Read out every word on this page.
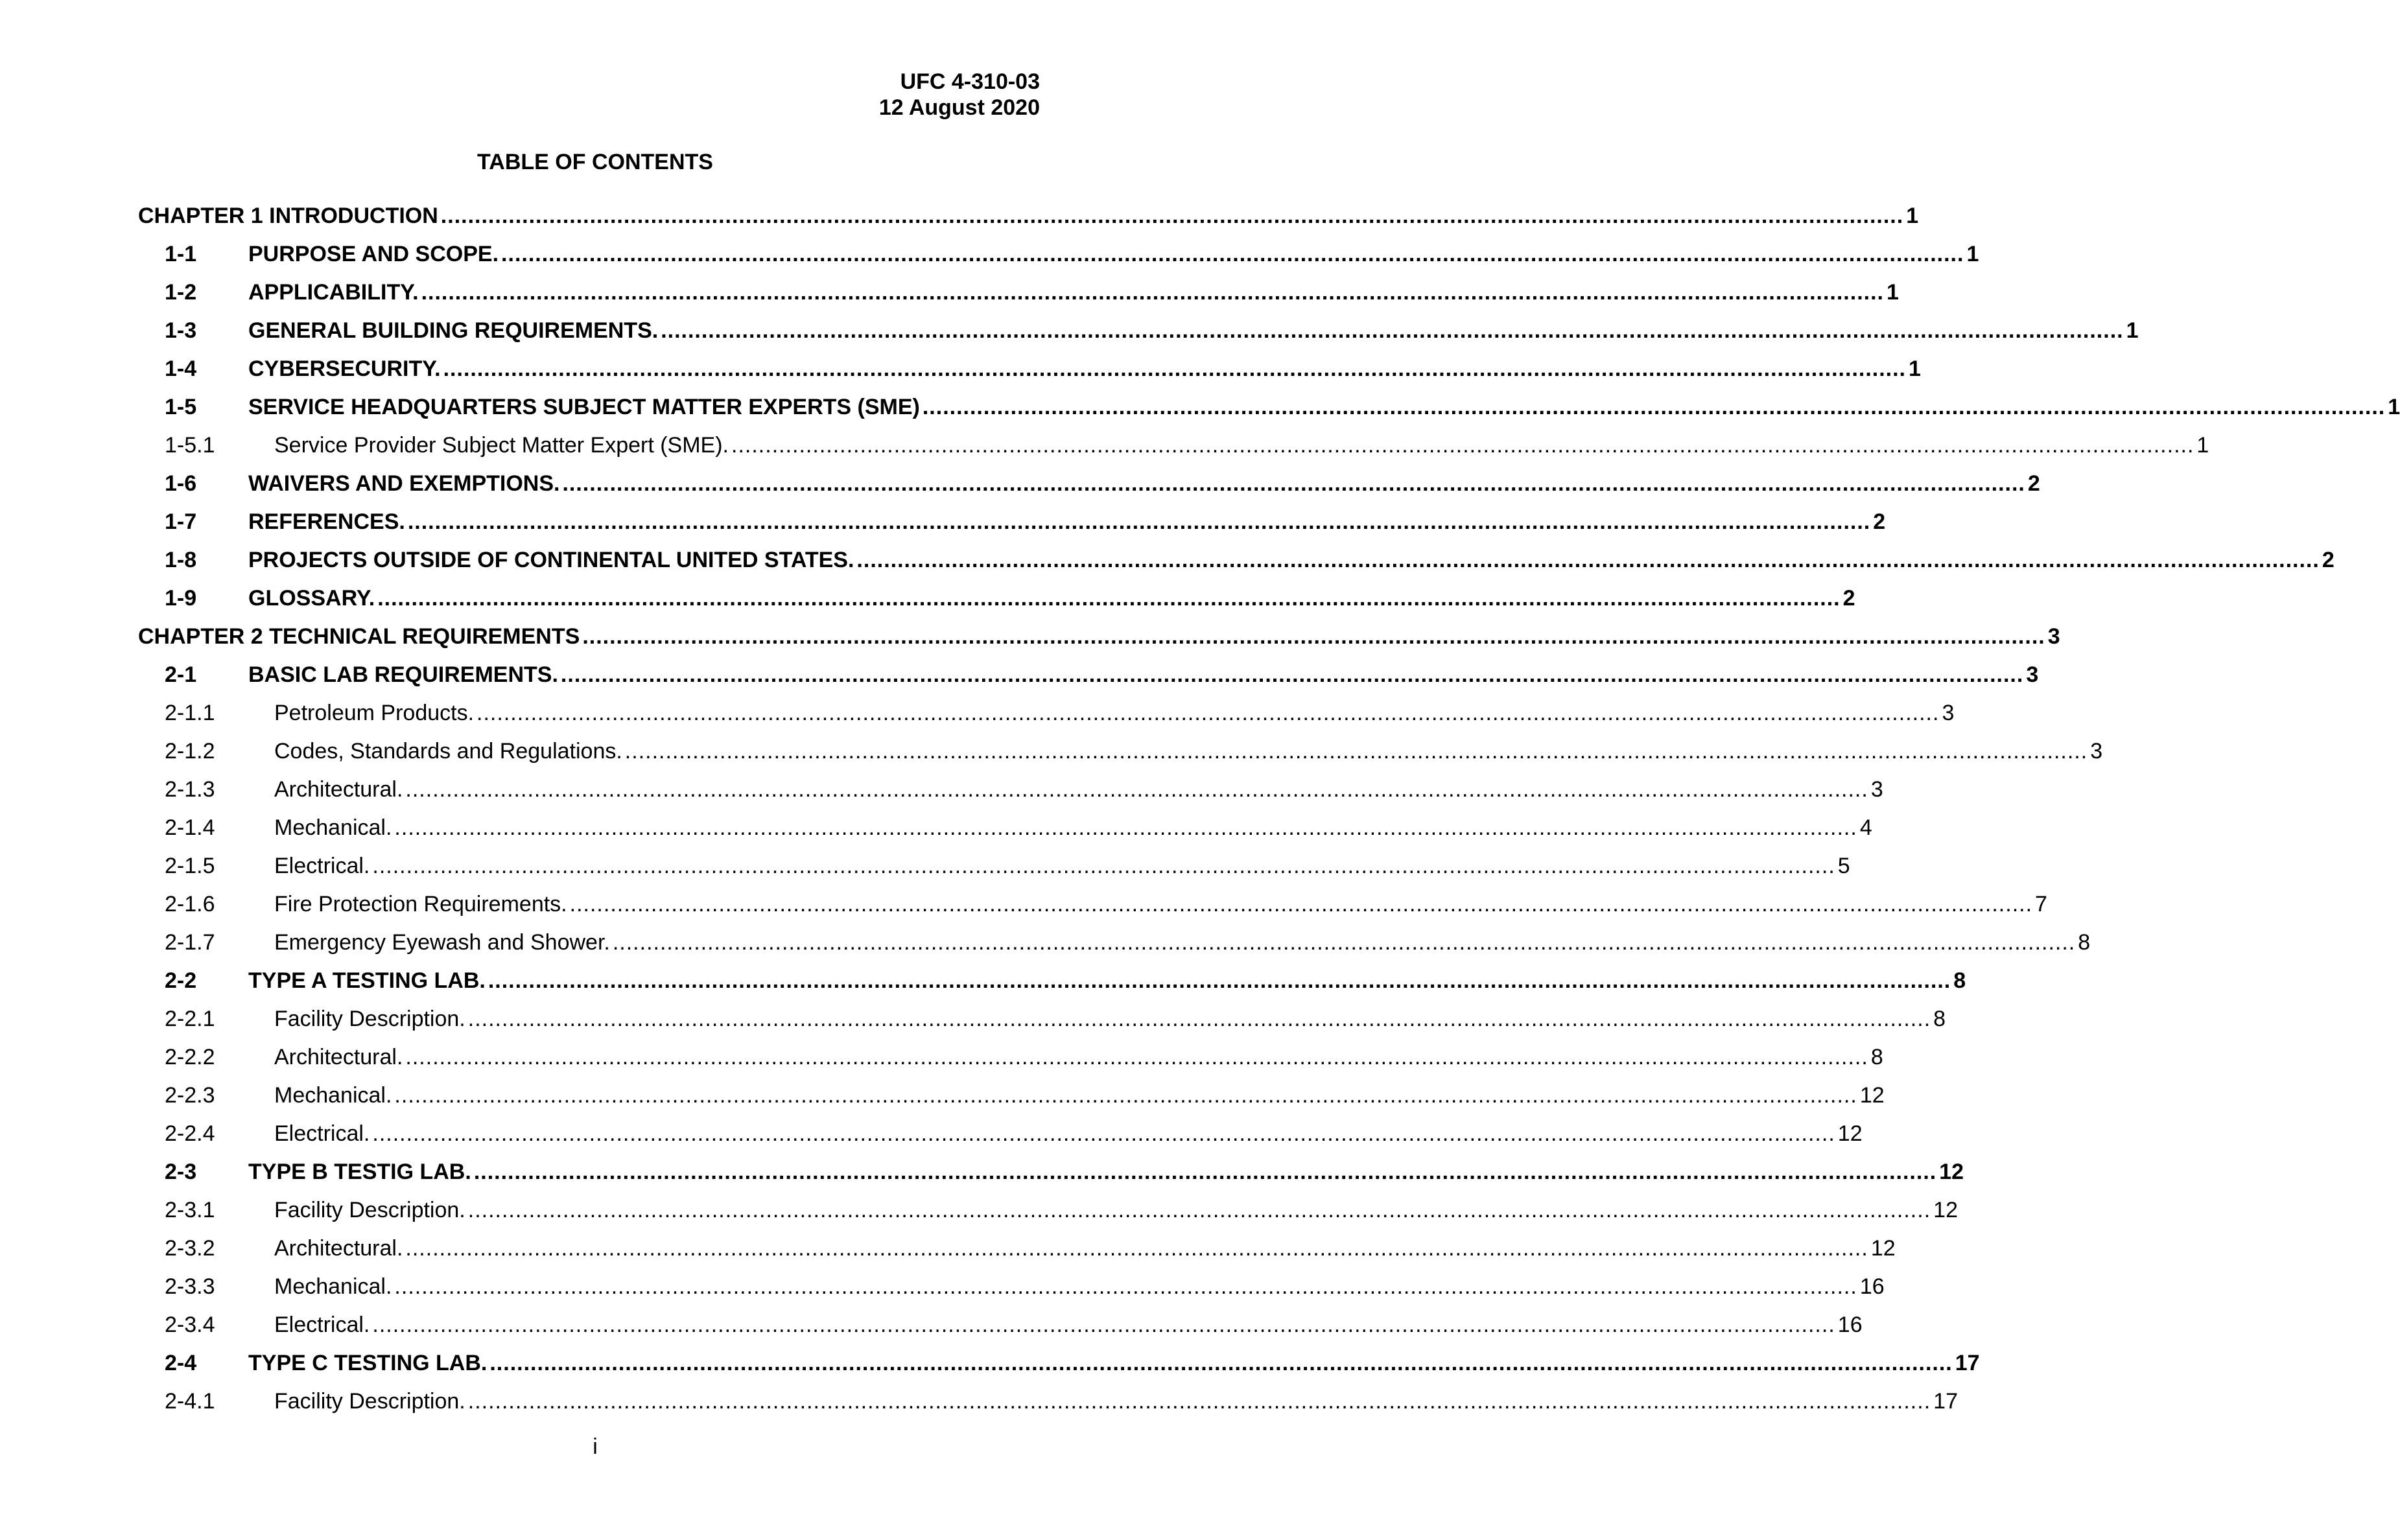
UFC 4-310-03
12 August 2020
TABLE OF CONTENTS
CHAPTER 1 INTRODUCTION .....	1
1-1	PURPOSE AND SCOPE. .....	1
1-2	APPLICABILITY. .....	1
1-3	GENERAL BUILDING REQUIREMENTS. .....	1
1-4	CYBERSECURITY. .....	1
1-5	SERVICE HEADQUARTERS SUBJECT MATTER EXPERTS (SME) .....	1
1-5.1	Service Provider Subject Matter Expert (SME). .....	1
1-6	WAIVERS AND EXEMPTIONS. .....	2
1-7	REFERENCES. .....	2
1-8	PROJECTS OUTSIDE OF CONTINENTAL UNITED STATES. .....	2
1-9	GLOSSARY. .....	2
CHAPTER 2 TECHNICAL REQUIREMENTS .....	3
2-1	BASIC LAB REQUIREMENTS. .....	3
2-1.1	Petroleum Products. .....	3
2-1.2	Codes, Standards and Regulations. .....	3
2-1.3	Architectural. .....	3
2-1.4	Mechanical. .....	4
2-1.5	Electrical. .....	5
2-1.6	Fire Protection Requirements. .....	7
2-1.7	Emergency Eyewash and Shower. .....	8
2-2	TYPE A TESTING LAB. .....	8
2-2.1	Facility Description. .....	8
2-2.2	Architectural. .....	8
2-2.3	Mechanical. .....	12
2-2.4	Electrical. .....	12
2-3	TYPE B TESTIG LAB. .....	12
2-3.1	Facility Description. .....	12
2-3.2	Architectural. .....	12
2-3.3	Mechanical. .....	16
2-3.4	Electrical. .....	16
2-4	TYPE C TESTING LAB. .....	17
2-4.1	Facility Description. .....	17
i
